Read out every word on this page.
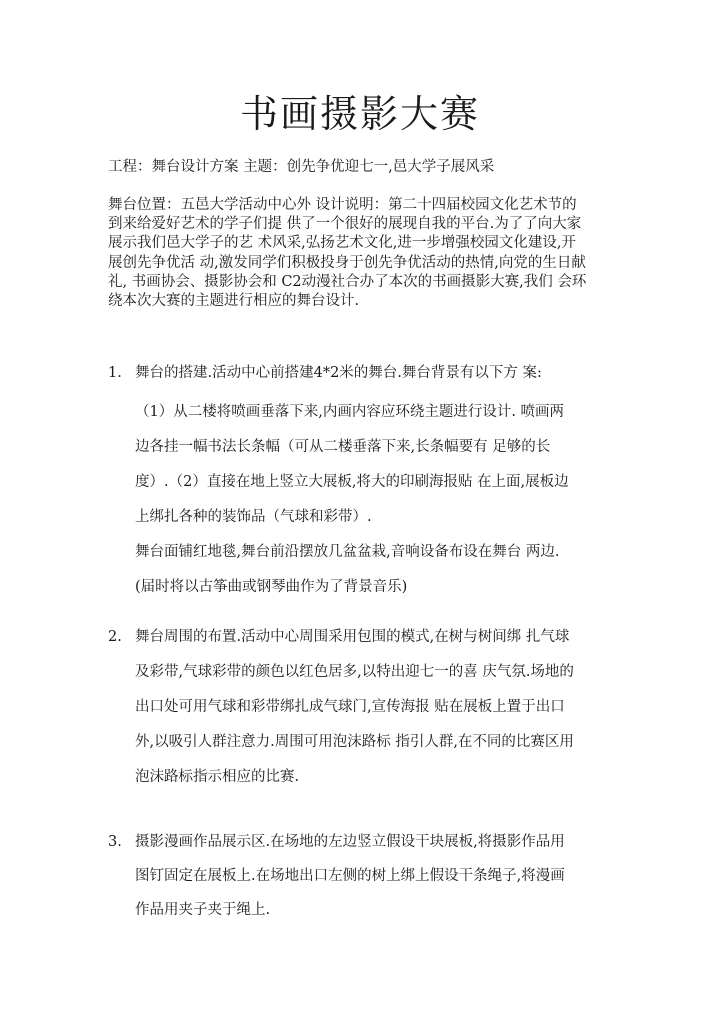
书画摄影大赛

工程：舞台设计方案 主题：创先争优迎七一,邑大学子展风采

舞台位置：五邑大学活动中心外 设计说明：第二十四届校园文化艺术节的到来给爱好艺术的学子们提 供了一个很好的展现自我的平台.为了了向大家展示我们邑大学子的艺 术风采,弘扬艺术文化,进一步增强校园文化建设,开展创先争优活 动,激发同学们积极投身于创先争优活动的热情,向党的生日献礼, 书画协会、摄影协会和 C2动漫社合办了本次的书画摄影大赛,我们 会环绕本次大赛的主题进行相应的舞台设计.

1. 舞台的搭建.活动中心前搭建4*2米的舞台.舞台背景有以下方 案:

（1）从二楼将喷画垂落下来,内画内容应环绕主题进行设计. 喷画两边各挂一幅书法长条幅（可从二楼垂落下来,长条幅要有 足够的长度）.（2）直接在地上竖立大展板,将大的印刷海报贴 在上面,展板边上绑扎各种的装饰品（气球和彩带）.

舞台面铺红地毯,舞台前沿摆放几盆盆栽,音响设备布设在舞台 两边.(届时将以古筝曲或钢琴曲作为了背景音乐)

2. 舞台周围的布置.活动中心周围采用包围的模式,在树与树间绑 扎气球及彩带,气球彩带的颜色以红色居多,以特出迎七一的喜 庆气氛.场地的出口处可用气球和彩带绑扎成气球门,宣传海报 贴在展板上置于出口外,以吸引人群注意力.周围可用泡沫路标 指引人群,在不同的比赛区用泡沫路标指示相应的比赛.

3. 摄影漫画作品展示区.在场地的左边竖立假设干块展板,将摄影作品用图钉固定在展板上.在场地出口左侧的树上绑上假设干条绳子,将漫画作品用夹子夹于绳上.
